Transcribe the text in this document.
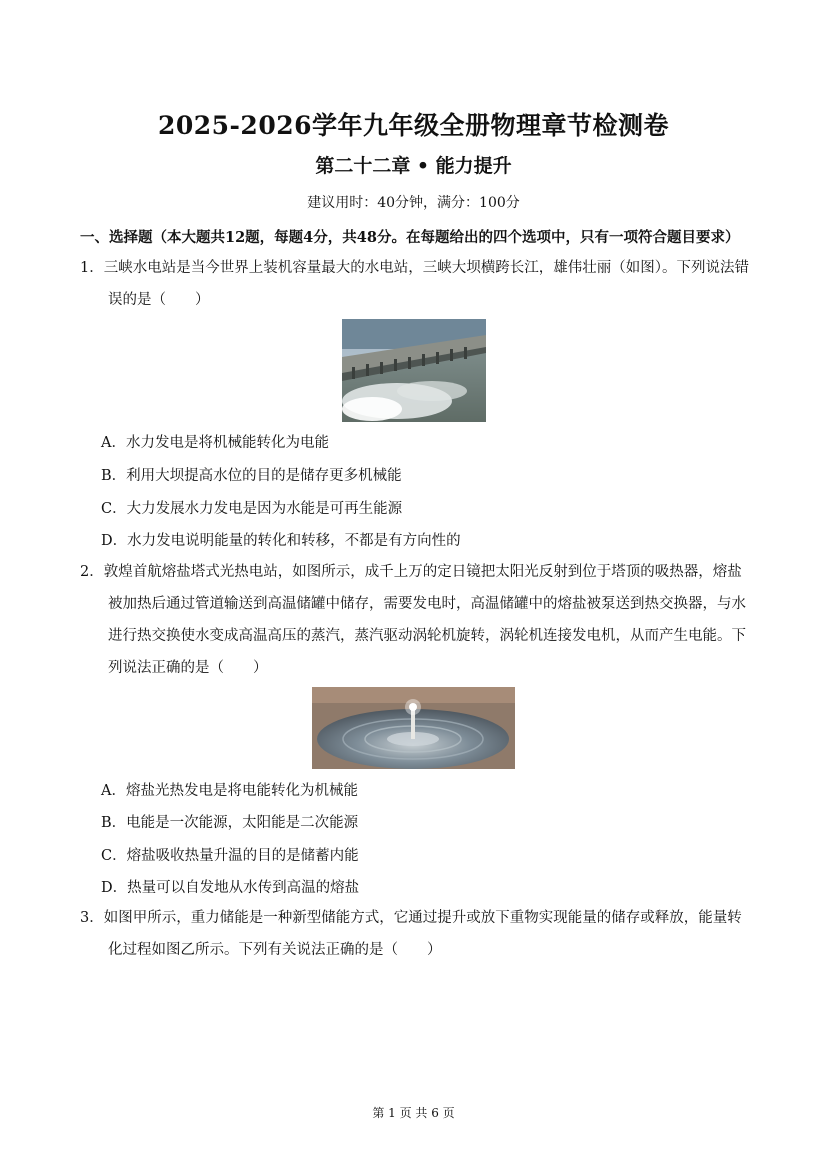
2025-2026学年九年级全册物理章节检测卷
第二十二章 • 能力提升
建议用时：40分钟，满分：100分
一、选择题（本大题共12题，每题4分，共48分。在每题给出的四个选项中，只有一项符合题目要求）
1．三峡水电站是当今世界上装机容量最大的水电站，三峡大坝横跨长江，雄伟壮丽（如图）。下列说法错
误的是（　　）
A．水力发电是将机械能转化为电能
B．利用大坝提高水位的目的是储存更多机械能
C．大力发展水力发电是因为水能是可再生能源
D．水力发电说明能量的转化和转移，不都是有方向性的
2．敦煌首航熔盐塔式光热电站，如图所示，成千上万的定日镜把太阳光反射到位于塔顶的吸热器，熔盐
被加热后通过管道输送到高温储罐中储存，需要发电时，高温储罐中的熔盐被泵送到热交换器，与水
进行热交换使水变成高温高压的蒸汽，蒸汽驱动涡轮机旋转，涡轮机连接发电机，从而产生电能。下
列说法正确的是（　　）
A．熔盐光热发电是将电能转化为机械能
B．电能是一次能源，太阳能是二次能源
C．熔盐吸收热量升温的目的是储蓄内能
D．热量可以自发地从水传到高温的熔盐
3．如图甲所示，重力储能是一种新型储能方式，它通过提升或放下重物实现能量的储存或释放，能量转
化过程如图乙所示。下列有关说法正确的是（　　）
第 1 页 共 6 页
